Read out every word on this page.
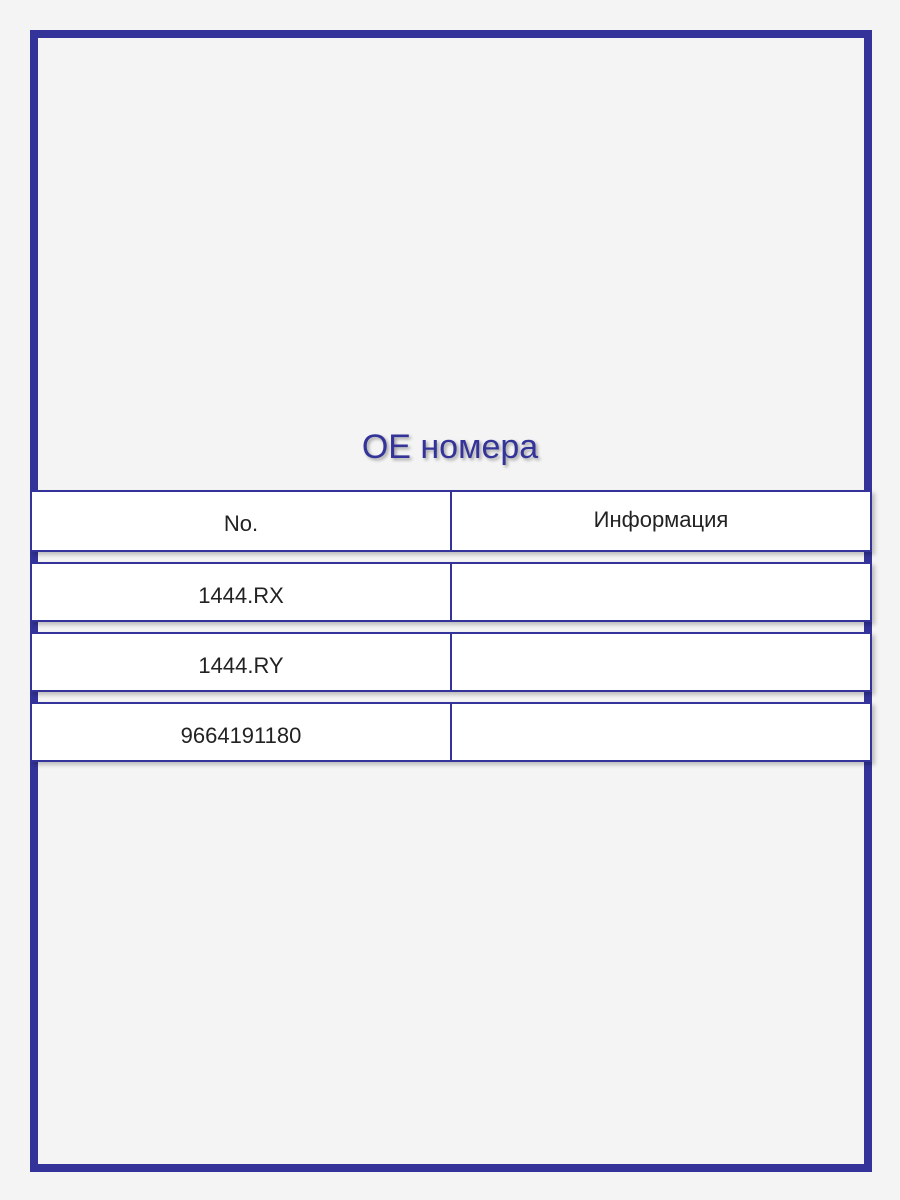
OE номера
No.	Информация
1444.RX
1444.RY
9664191180
